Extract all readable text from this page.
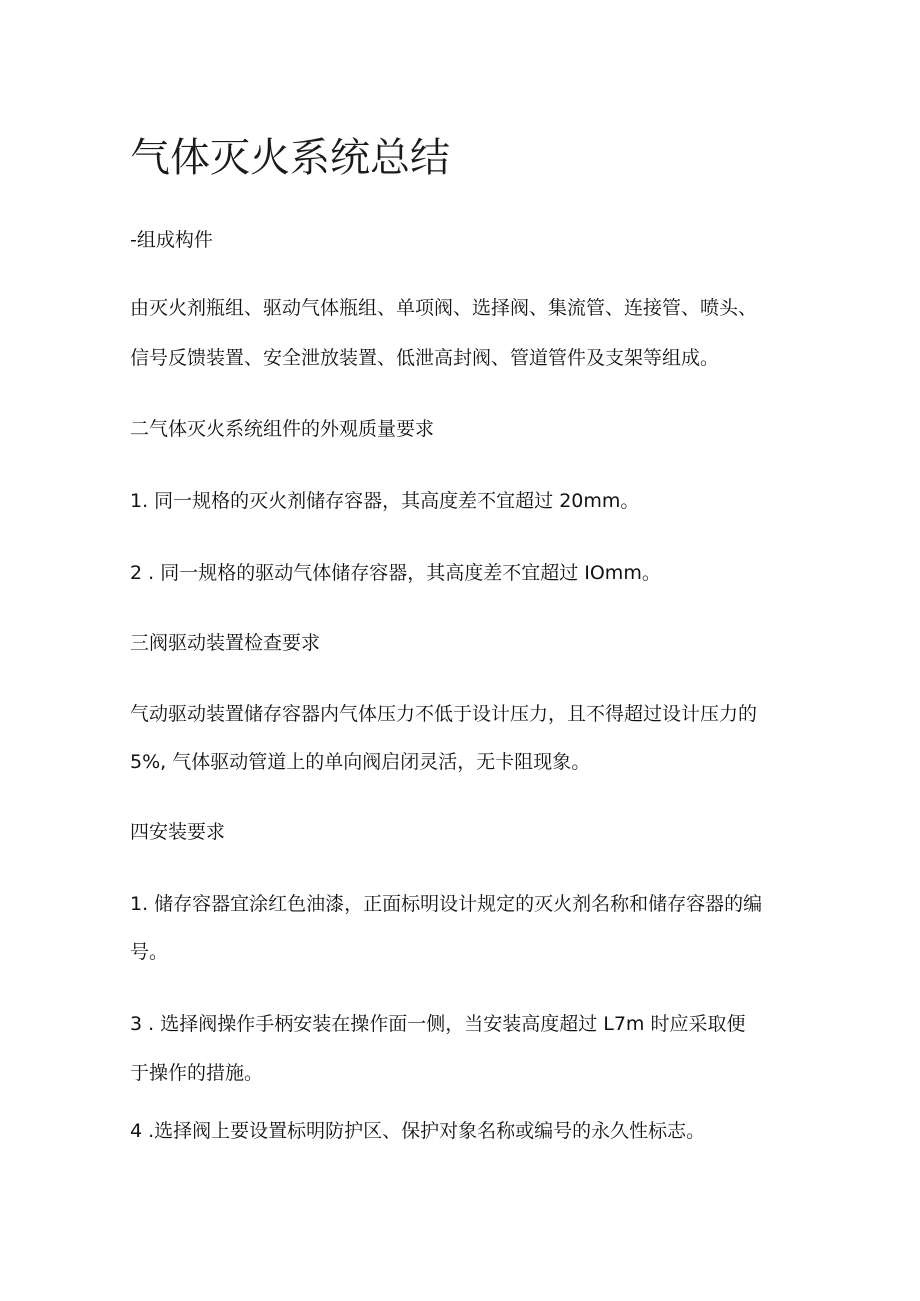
气体灭火系统总结

-组成构件

由灭火剂瓶组、驱动气体瓶组、单项阀、选择阀、集流管、连接管、喷头、

信号反馈装置、安全泄放装置、低泄高封阀、管道管件及支架等组成。

二气体灭火系统组件的外观质量要求

1. 同一规格的灭火剂储存容器，其高度差不宜超过 20mm。

2 . 同一规格的驱动气体储存容器，其高度差不宜超过 IOmm。

三阀驱动装置检查要求

气动驱动装置储存容器内气体压力不低于设计压力，且不得超过设计压力的

5%, 气体驱动管道上的单向阀启闭灵活，无卡阻现象。

四安装要求

1. 储存容器宜涂红色油漆，正面标明设计规定的灭火剂名称和储存容器的编

号。

3 . 选择阀操作手柄安装在操作面一侧，当安装高度超过 L7m 时应采取便

于操作的措施。

4 .选择阀上要设置标明防护区、保护对象名称或编号的永久性标志。
